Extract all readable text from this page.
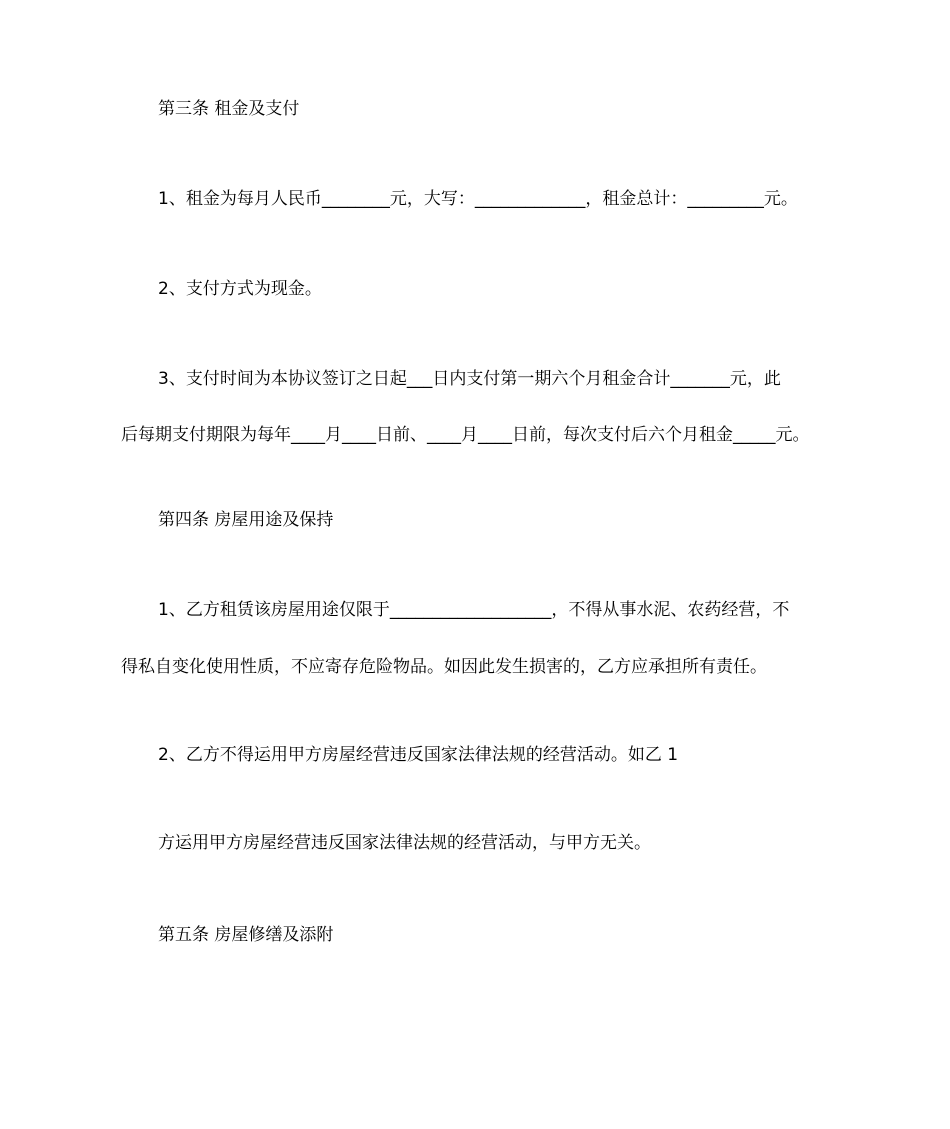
第三条 租金及支付
1、租金为每月人民币________元，大写：_____________，租金总计：_________元。
2、支付方式为现金。
3、支付时间为本协议签订之日起___日内支付第一期六个月租金合计_______元，此
后每期支付期限为每年____月____日前、____月____日前，每次支付后六个月租金_____元。
第四条 房屋用途及保持
1、乙方租赁该房屋用途仅限于___________________，不得从事水泥、农药经营，不
得私自变化使用性质，不应寄存危险物品。如因此发生损害的，乙方应承担所有责任。
2、乙方不得运用甲方房屋经营违反国家法律法规的经营活动。如乙 1
方运用甲方房屋经营违反国家法律法规的经营活动，与甲方无关。
第五条 房屋修缮及添附
